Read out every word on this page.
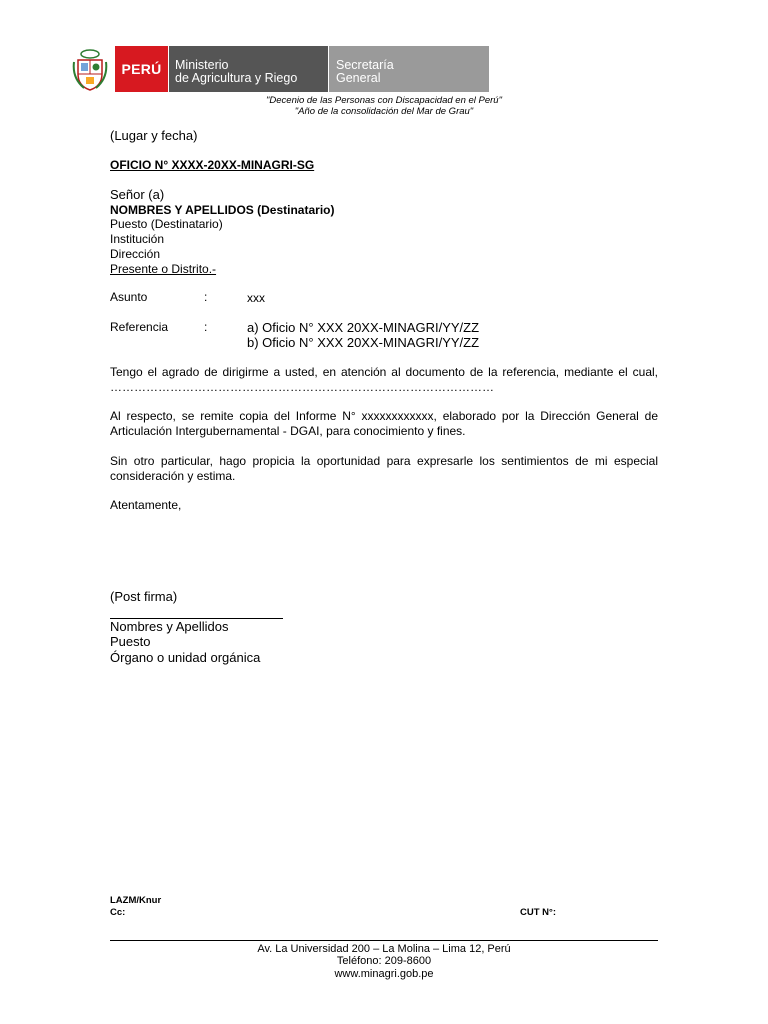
PERÚ	Ministerio
de Agricultura y Riego
Secretaría
General
"Decenio de las Personas con Discapacidad en el Perú"
"Año de la consolidación del Mar de Grau"
(Lugar y fecha)
OFICIO N° XXXX-20XX-MINAGRI-SG
Señor (a)
NOMBRES Y APELLIDOS (Destinatario)
Puesto (Destinatario)
Institución
Dirección
Presente o Distrito.-
Asunto	:	xxx
Referencia	:	a) Oficio N° XXX 20XX-MINAGRI/YY/ZZ
b) Oficio N° XXX 20XX-MINAGRI/YY/ZZ
Tengo el agrado de dirigirme a usted, en atención al documento de la referencia, mediante el cual, ……………………………………………………………………………………
Al respecto, se remite copia del Informe N° xxxxxxxxxxxx, elaborado por la Dirección General de Articulación Intergubernamental - DGAI, para conocimiento y fines.
Sin otro particular, hago propicia la oportunidad para expresarle los sentimientos de mi especial consideración y estima.
Atentamente,
(Post firma)
Nombres y Apellidos
Puesto
Órgano o unidad orgánica
LAZM/Knur
Cc:	CUT N°:
Av. La Universidad 200 – La Molina – Lima 12, Perú
Teléfono: 209-8600
www.minagri.gob.pe
